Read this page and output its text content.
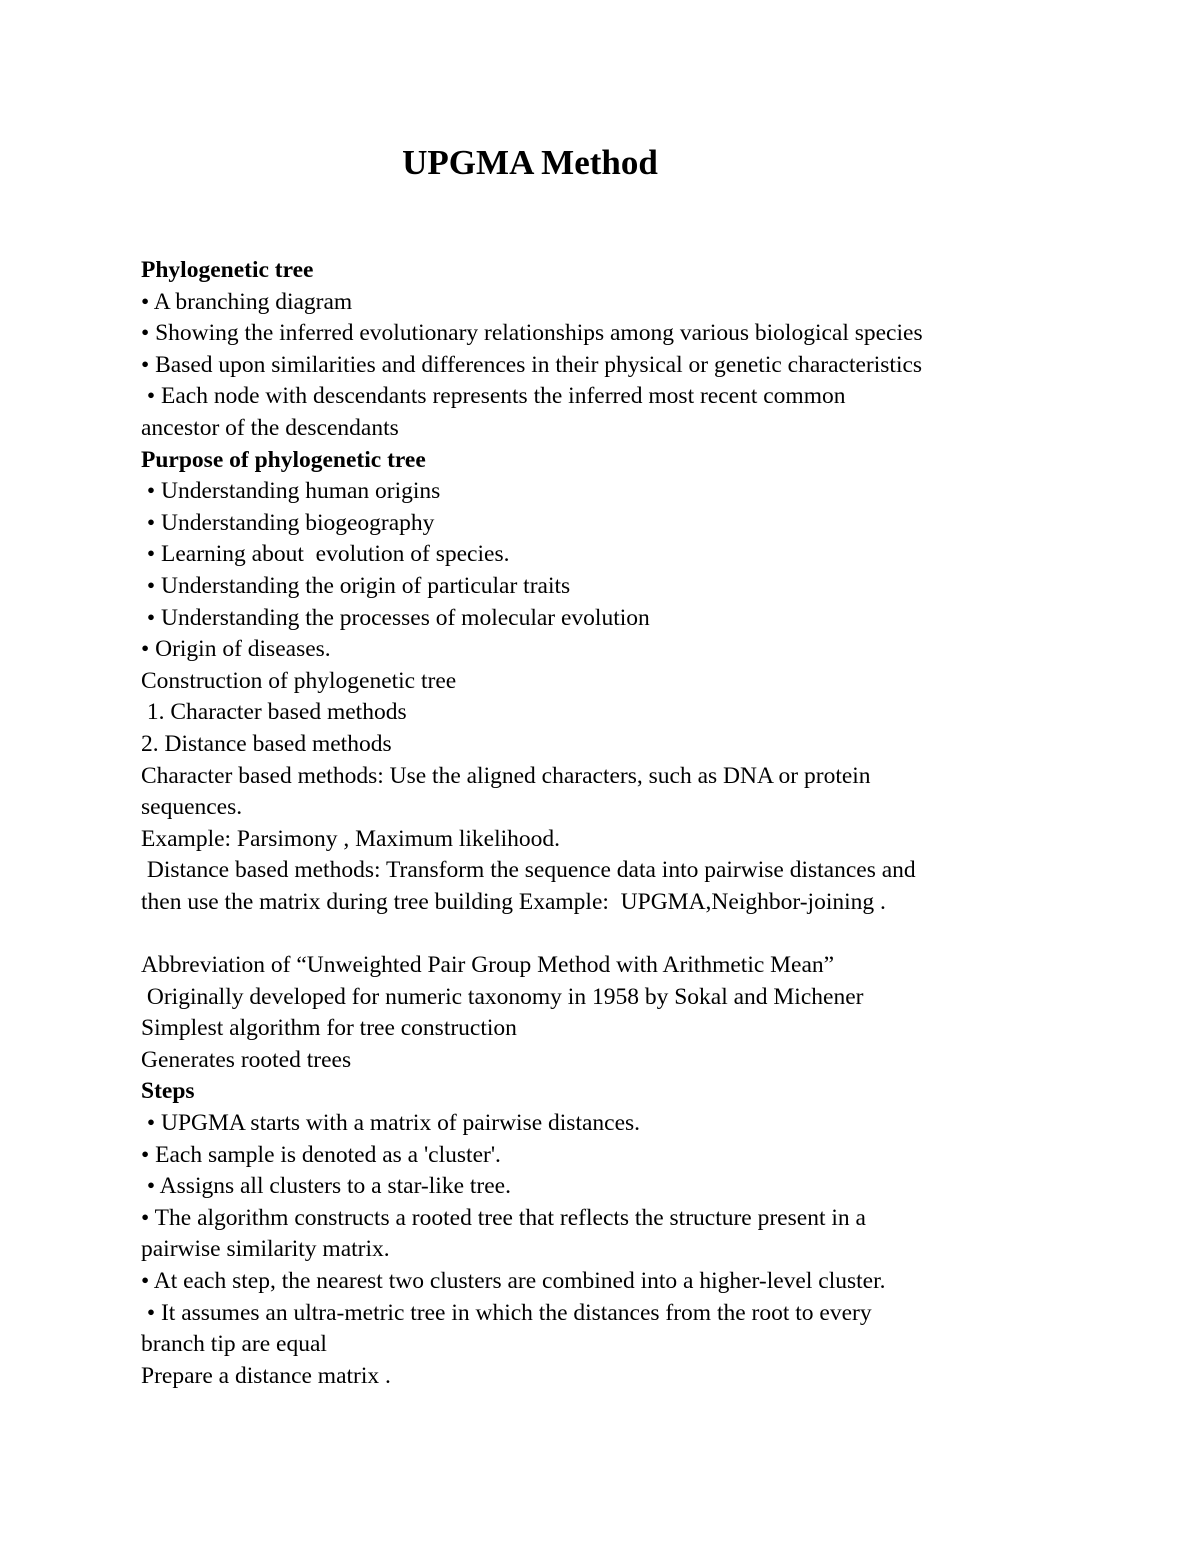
UPGMA Method
Phylogenetic tree
• A branching diagram
• Showing the inferred evolutionary relationships among various biological species
• Based upon similarities and differences in their physical or genetic characteristics
• Each node with descendants represents the inferred most recent common
ancestor of the descendants
Purpose of phylogenetic tree
• Understanding human origins
• Understanding biogeography
• Learning about  evolution of species.
• Understanding the origin of particular traits
• Understanding the processes of molecular evolution
• Origin of diseases.
Construction of phylogenetic tree
1. Character based methods
2. Distance based methods
Character based methods: Use the aligned characters, such as DNA or protein
sequences.
Example: Parsimony , Maximum likelihood.
Distance based methods: Transform the sequence data into pairwise distances and
then use the matrix during tree building Example:  UPGMA,Neighbor-joining .
Abbreviation of “Unweighted Pair Group Method with Arithmetic Mean”
Originally developed for numeric taxonomy in 1958 by Sokal and Michener
Simplest algorithm for tree construction
Generates rooted trees
Steps
• UPGMA starts with a matrix of pairwise distances.
• Each sample is denoted as a 'cluster'.
• Assigns all clusters to a star-like tree.
• The algorithm constructs a rooted tree that reflects the structure present in a
pairwise similarity matrix.
• At each step, the nearest two clusters are combined into a higher-level cluster.
• It assumes an ultra-metric tree in which the distances from the root to every
branch tip are equal
Prepare a distance matrix .
